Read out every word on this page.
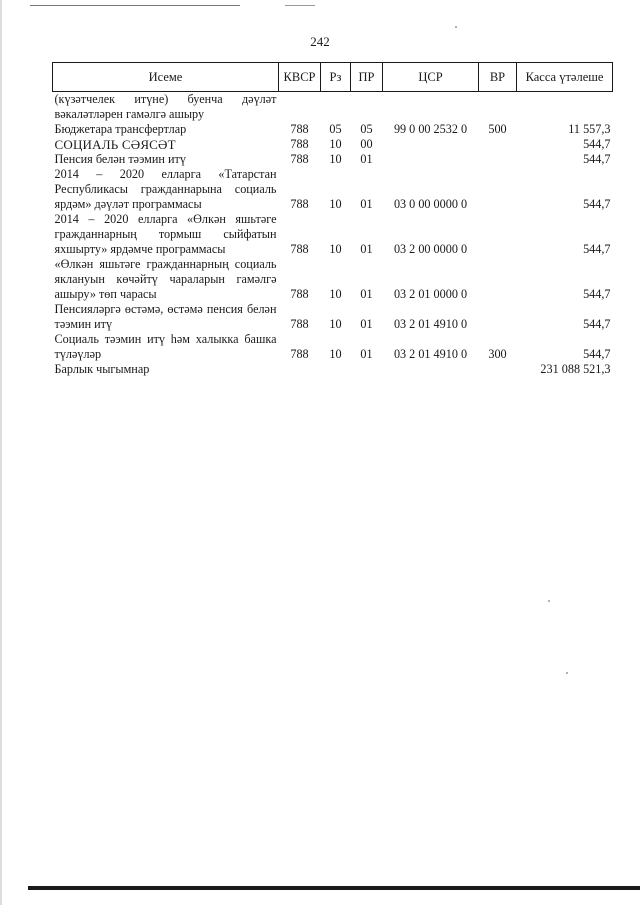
242
Исеме	КВСР	Рз	ПР	ЦСР	ВР	Касса үтәлеше
(күзәтчелек итүне) буенча дәүләт вәкаләтләрен гамәлгә ашыру						
Бюджетара трансфертлар	788	05	05	99 0 00 2532 0	500	11 557,3
СОЦИАЛЬ СӘЯСӘТ	788	10	00			544,7
Пенсия белән тәэмин итү	788	10	01			544,7
2014 – 2020 елларга «Татарстан Республикасы гражданнарына социаль ярдәм» дәүләт программасы	788	10	01	03 0 00 0000 0		544,7
2014 – 2020 елларга «Өлкән яшьтәге гражданнарның тормыш сыйфатын яхшырту» ярдәмче программасы	788	10	01	03 2 00 0000 0		544,7
«Өлкән яшьтәге гражданнарның социаль яклануын көчәйтү чараларын гамәлгә ашыру» төп чарасы	788	10	01	03 2 01 0000 0		544,7
Пенсияләргә өстәмә, өстәмә пенсия белән тәэмин итү	788	10	01	03 2 01 4910 0		544,7
Социаль тәэмин итү һәм халыкка башка түләүләр	788	10	01	03 2 01 4910 0	300	544,7
Барлык чыгымнар					231 088 521,3	
